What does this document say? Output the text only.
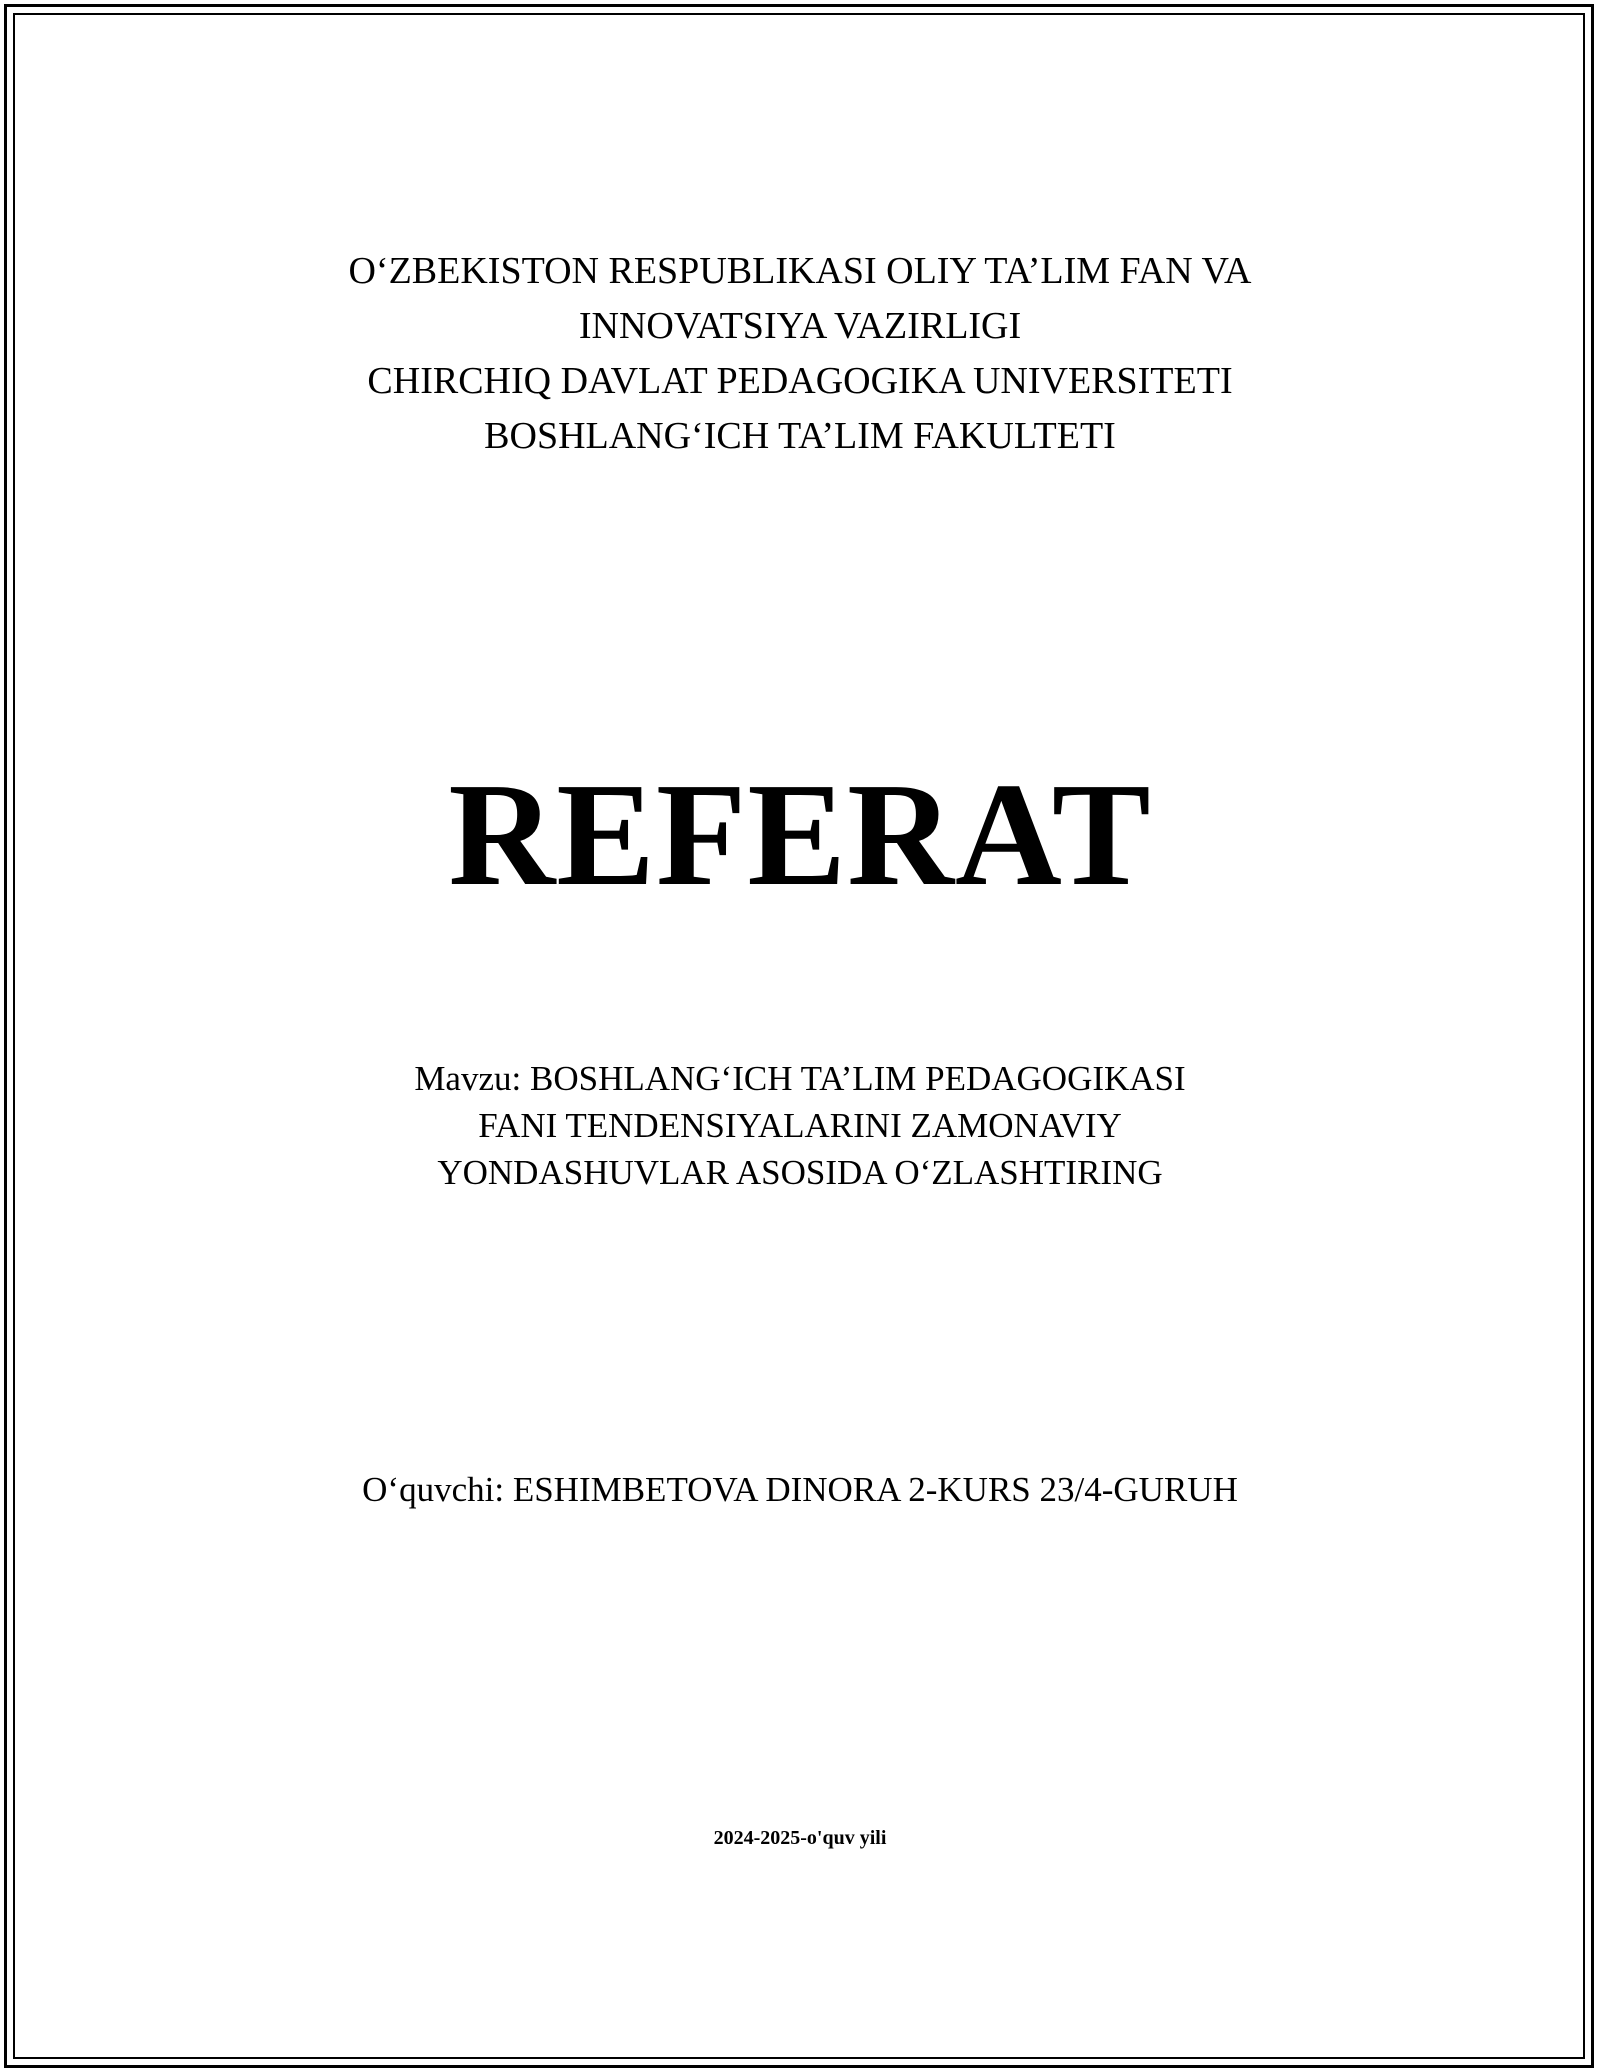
O‘ZBEKISTON RESPUBLIKASI OLIY TA’LIM FAN VA
INNOVATSIYA VAZIRLIGI
CHIRCHIQ DAVLAT PEDAGOGIKA UNIVERSITETI
BOSHLANG‘ICH TA’LIM FAKULTETI
REFERAT
Mavzu: BOSHLANG‘ICH TA’LIM PEDAGOGIKASI
FANI TENDENSIYALARINI ZAMONAVIY
YONDASHUVLAR ASOSIDA O‘ZLASHTIRING
O‘quvchi: ESHIMBETOVA DINORA 2-KURS 23/4-GURUH
2024-2025-o'quv yili
